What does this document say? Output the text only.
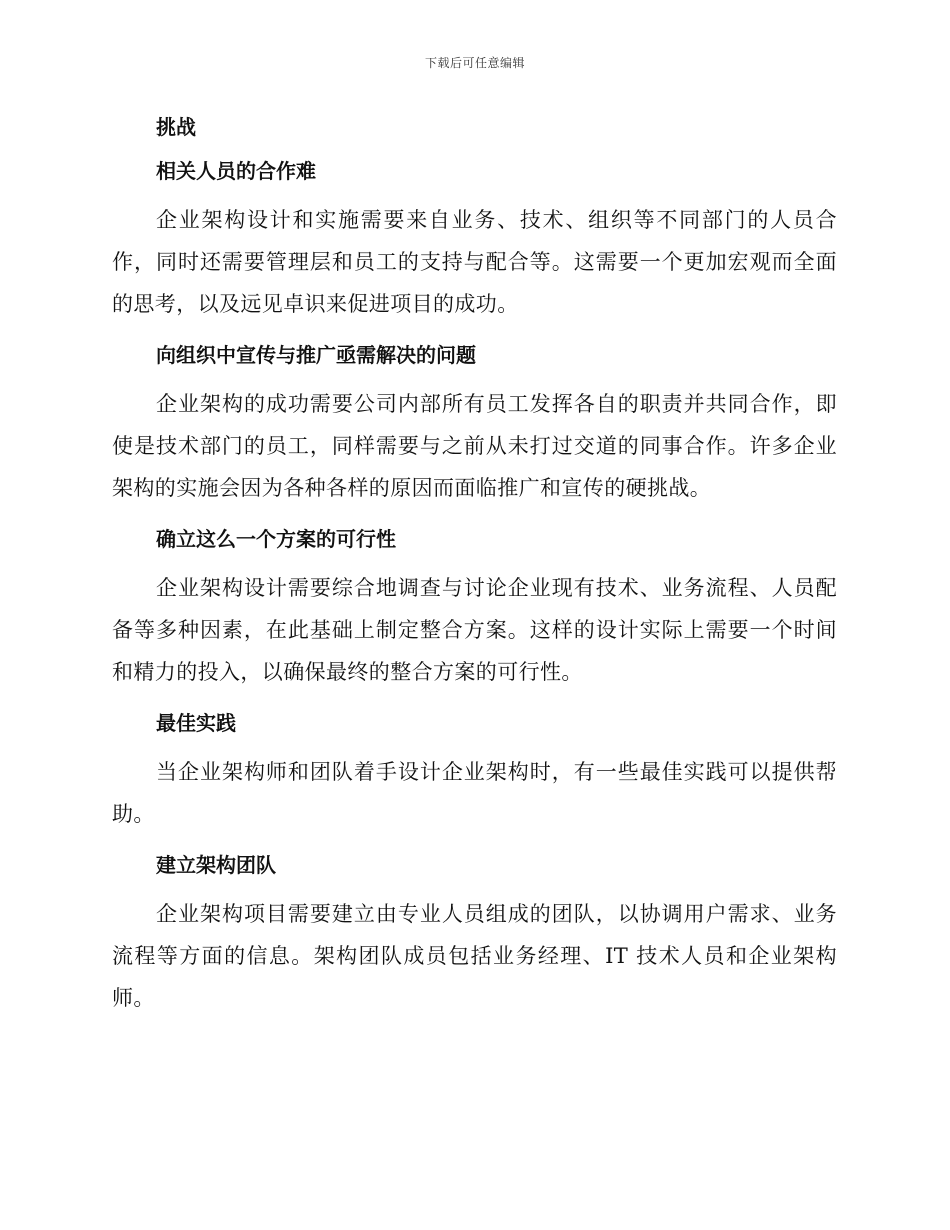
下载后可任意编辑
挑战
相关人员的合作难

企业架构设计和实施需要来自业务、技术、组织等不同部门的人员合作，同时还需要管理层和员工的支持与配合等。这需要一个更加宏观而全面的思考，以及远见卓识来促进项目的成功。

向组织中宣传与推广亟需解决的问题

企业架构的成功需要公司内部所有员工发挥各自的职责并共同合作，即使是技术部门的员工，同样需要与之前从未打过交道的同事合作。许多企业架构的实施会因为各种各样的原因而面临推广和宣传的硬挑战。

确立这么一个方案的可行性

企业架构设计需要综合地调查与讨论企业现有技术、业务流程、人员配备等多种因素，在此基础上制定整合方案。这样的设计实际上需要一个时间和精力的投入，以确保最终的整合方案的可行性。

最佳实践

当企业架构师和团队着手设计企业架构时，有一些最佳实践可以提供帮助。

建立架构团队

企业架构项目需要建立由专业人员组成的团队，以协调用户需求、业务流程等方面的信息。架构团队成员包括业务经理、IT 技术人员和企业架构师。
